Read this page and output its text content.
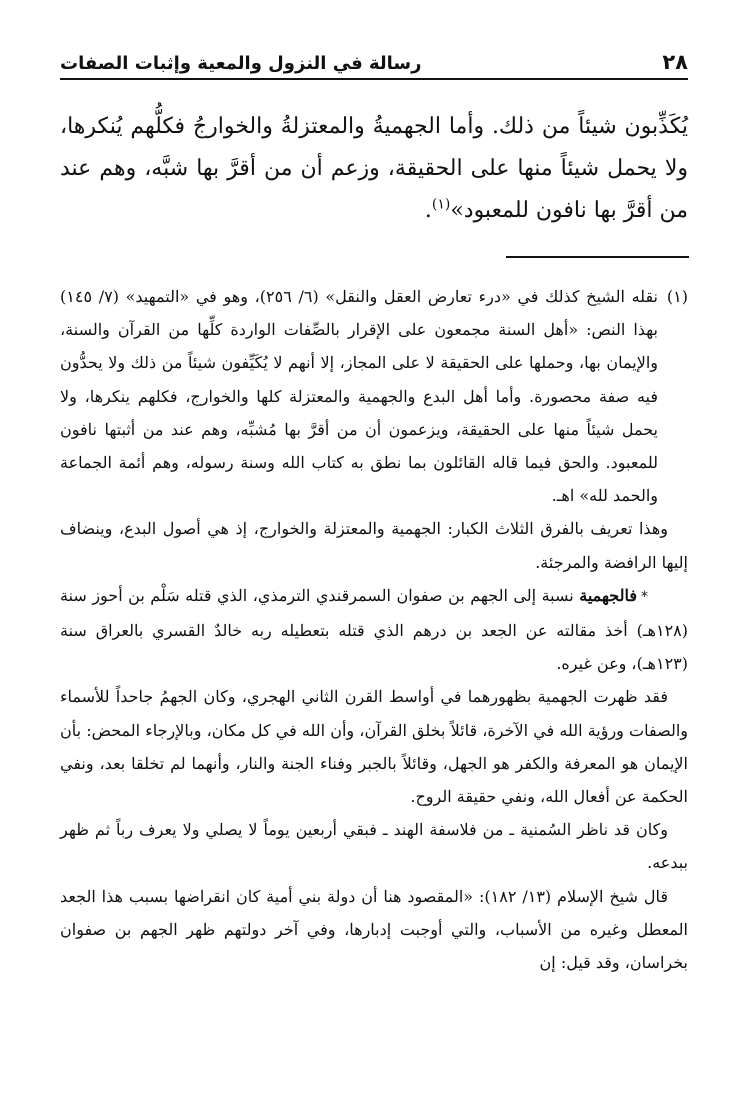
٢٨
رسالة في النزول والمعية وإثبات الصفات

يُكَذِّبون شيئاً من ذلك. وأما الجهميةُ والمعتزلةُ والخوارجُ فكلُّهم يُنكرها، ولا يحمل شيئاً منها على الحقيقة، وزعم أن من أقرَّ بها شبَّه، وهم عند من أقرَّ بها نافون للمعبود»$^{(١)}$.

(١)
نقله الشيخ كذلك في «درء تعارض العقل والنقل» (٦/ ٢٥٦)، وهو في «التمهيد» (٧/ ١٤٥) بهذا النص: «أهل السنة مجمعون على الإقرار بالصِّفات الواردة كلِّها من القرآن والسنة، والإيمان بها، وحملها على الحقيقة لا على المجاز، إلا أنهم لا يُكَيِّفون شيئاً من ذلك ولا يحدُّون فيه صفة محصورة. وأما أهل البدع والجهمية والمعتزلة كلها والخوارج، فكلهم ينكرها، ولا يحمل شيئاً منها على الحقيقة، ويزعمون أن من أقرَّ بها مُشبِّه، وهم عند من أثبتها نافون للمعبود. والحق فيما قاله القائلون بما نطق به كتاب الله وسنة رسوله، وهم أئمة الجماعة والحمد لله» اهـ.

وهذا تعريف بالفرق الثلاث الكبار: الجهمية والمعتزلة والخوارج، إذ هي أصول البدع، وينضاف إليها الرافضة والمرجئة.

*فالجهمية نسبة إلى الجهم بن صفوان السمرقندي الترمذي، الذي قتله سَلْم بن أحوز سنة (١٢٨هـ) أخذ مقالته عن الجعد بن درهم الذي قتله بتعطيله ربه خالدٌ القسري بالعراق سنة (١٢٣هـ)، وعن غيره.

فقد ظهرت الجهمية بظهورهما في أواسط القرن الثاني الهجري، وكان الجهمُ جاحداً للأسماء والصفات ورؤية الله في الآخرة، قائلاً بخلق القرآن، وأن الله في كل مكان، وبالإرجاء المحض: بأن الإيمان هو المعرفة والكفر هو الجهل، وقائلاً بالجبر وفناء الجنة والنار، وأنهما لم تخلقا بعد، ونفي الحكمة عن أفعال الله، ونفي حقيقة الروح.

وكان قد ناظر السُمنية ـ من فلاسفة الهند ـ فبقي أربعين يوماً لا يصلي ولا يعرف رباً ثم ظهر ببدعه.

قال شيخ الإسلام (١٣/ ١٨٢): «المقصود هنا أن دولة بني أمية كان انقراضها بسبب هذا الجعد المعطل وغيره من الأسباب، والتي أوجبت إدبارها، وفي آخر دولتهم ظهر الجهم بن صفوان بخراسان، وقد قيل: إن
